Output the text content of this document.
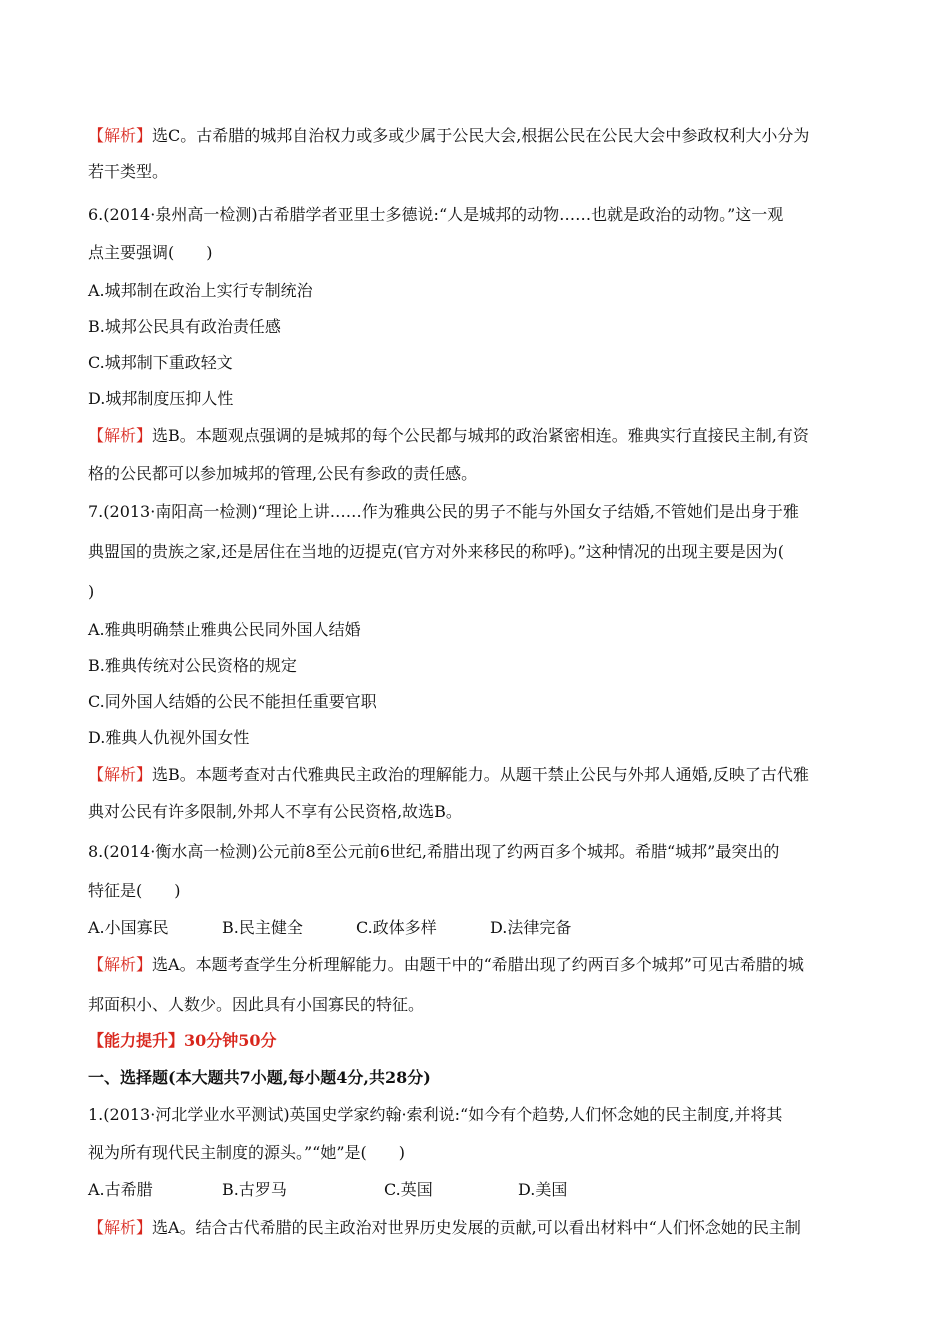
【解析】选C。古希腊的城邦自治权力或多或少属于公民大会,根据公民在公民大会中参政权利大小分为
若干类型。
6.(2014·泉州高一检测)古希腊学者亚里士多德说:“人是城邦的动物……也就是政治的动物。”这一观
点主要强调(　　)
A.城邦制在政治上实行专制统治
B.城邦公民具有政治责任感
C.城邦制下重政轻文
D.城邦制度压抑人性
【解析】选B。本题观点强调的是城邦的每个公民都与城邦的政治紧密相连。雅典实行直接民主制,有资
格的公民都可以参加城邦的管理,公民有参政的责任感。
7.(2013·南阳高一检测)“理论上讲……作为雅典公民的男子不能与外国女子结婚,不管她们是出身于雅
典盟国的贵族之家,还是居住在当地的迈提克(官方对外来移民的称呼)。”这种情况的出现主要是因为(
)
A.雅典明确禁止雅典公民同外国人结婚
B.雅典传统对公民资格的规定
C.同外国人结婚的公民不能担任重要官职
D.雅典人仇视外国女性
【解析】选B。本题考查对古代雅典民主政治的理解能力。从题干禁止公民与外邦人通婚,反映了古代雅
典对公民有许多限制,外邦人不享有公民资格,故选B。
8.(2014·衡水高一检测)公元前8至公元前6世纪,希腊出现了约两百多个城邦。希腊“城邦”最突出的
特征是(　　)
A.小国寡民	B.民主健全	C.政体多样	D.法律完备
【解析】选A。本题考查学生分析理解能力。由题干中的“希腊出现了约两百多个城邦”可见古希腊的城
邦面积小、人数少。因此具有小国寡民的特征。
【能力提升】30分钟50分
一、选择题(本大题共7小题,每小题4分,共28分)
1.(2013·河北学业水平测试)英国史学家约翰·索利说:“如今有个趋势,人们怀念她的民主制度,并将其
视为所有现代民主制度的源头。”“她”是(　　)
A.古希腊	B.古罗马	C.英国	D.美国
【解析】选A。结合古代希腊的民主政治对世界历史发展的贡献,可以看出材料中“人们怀念她的民主制
